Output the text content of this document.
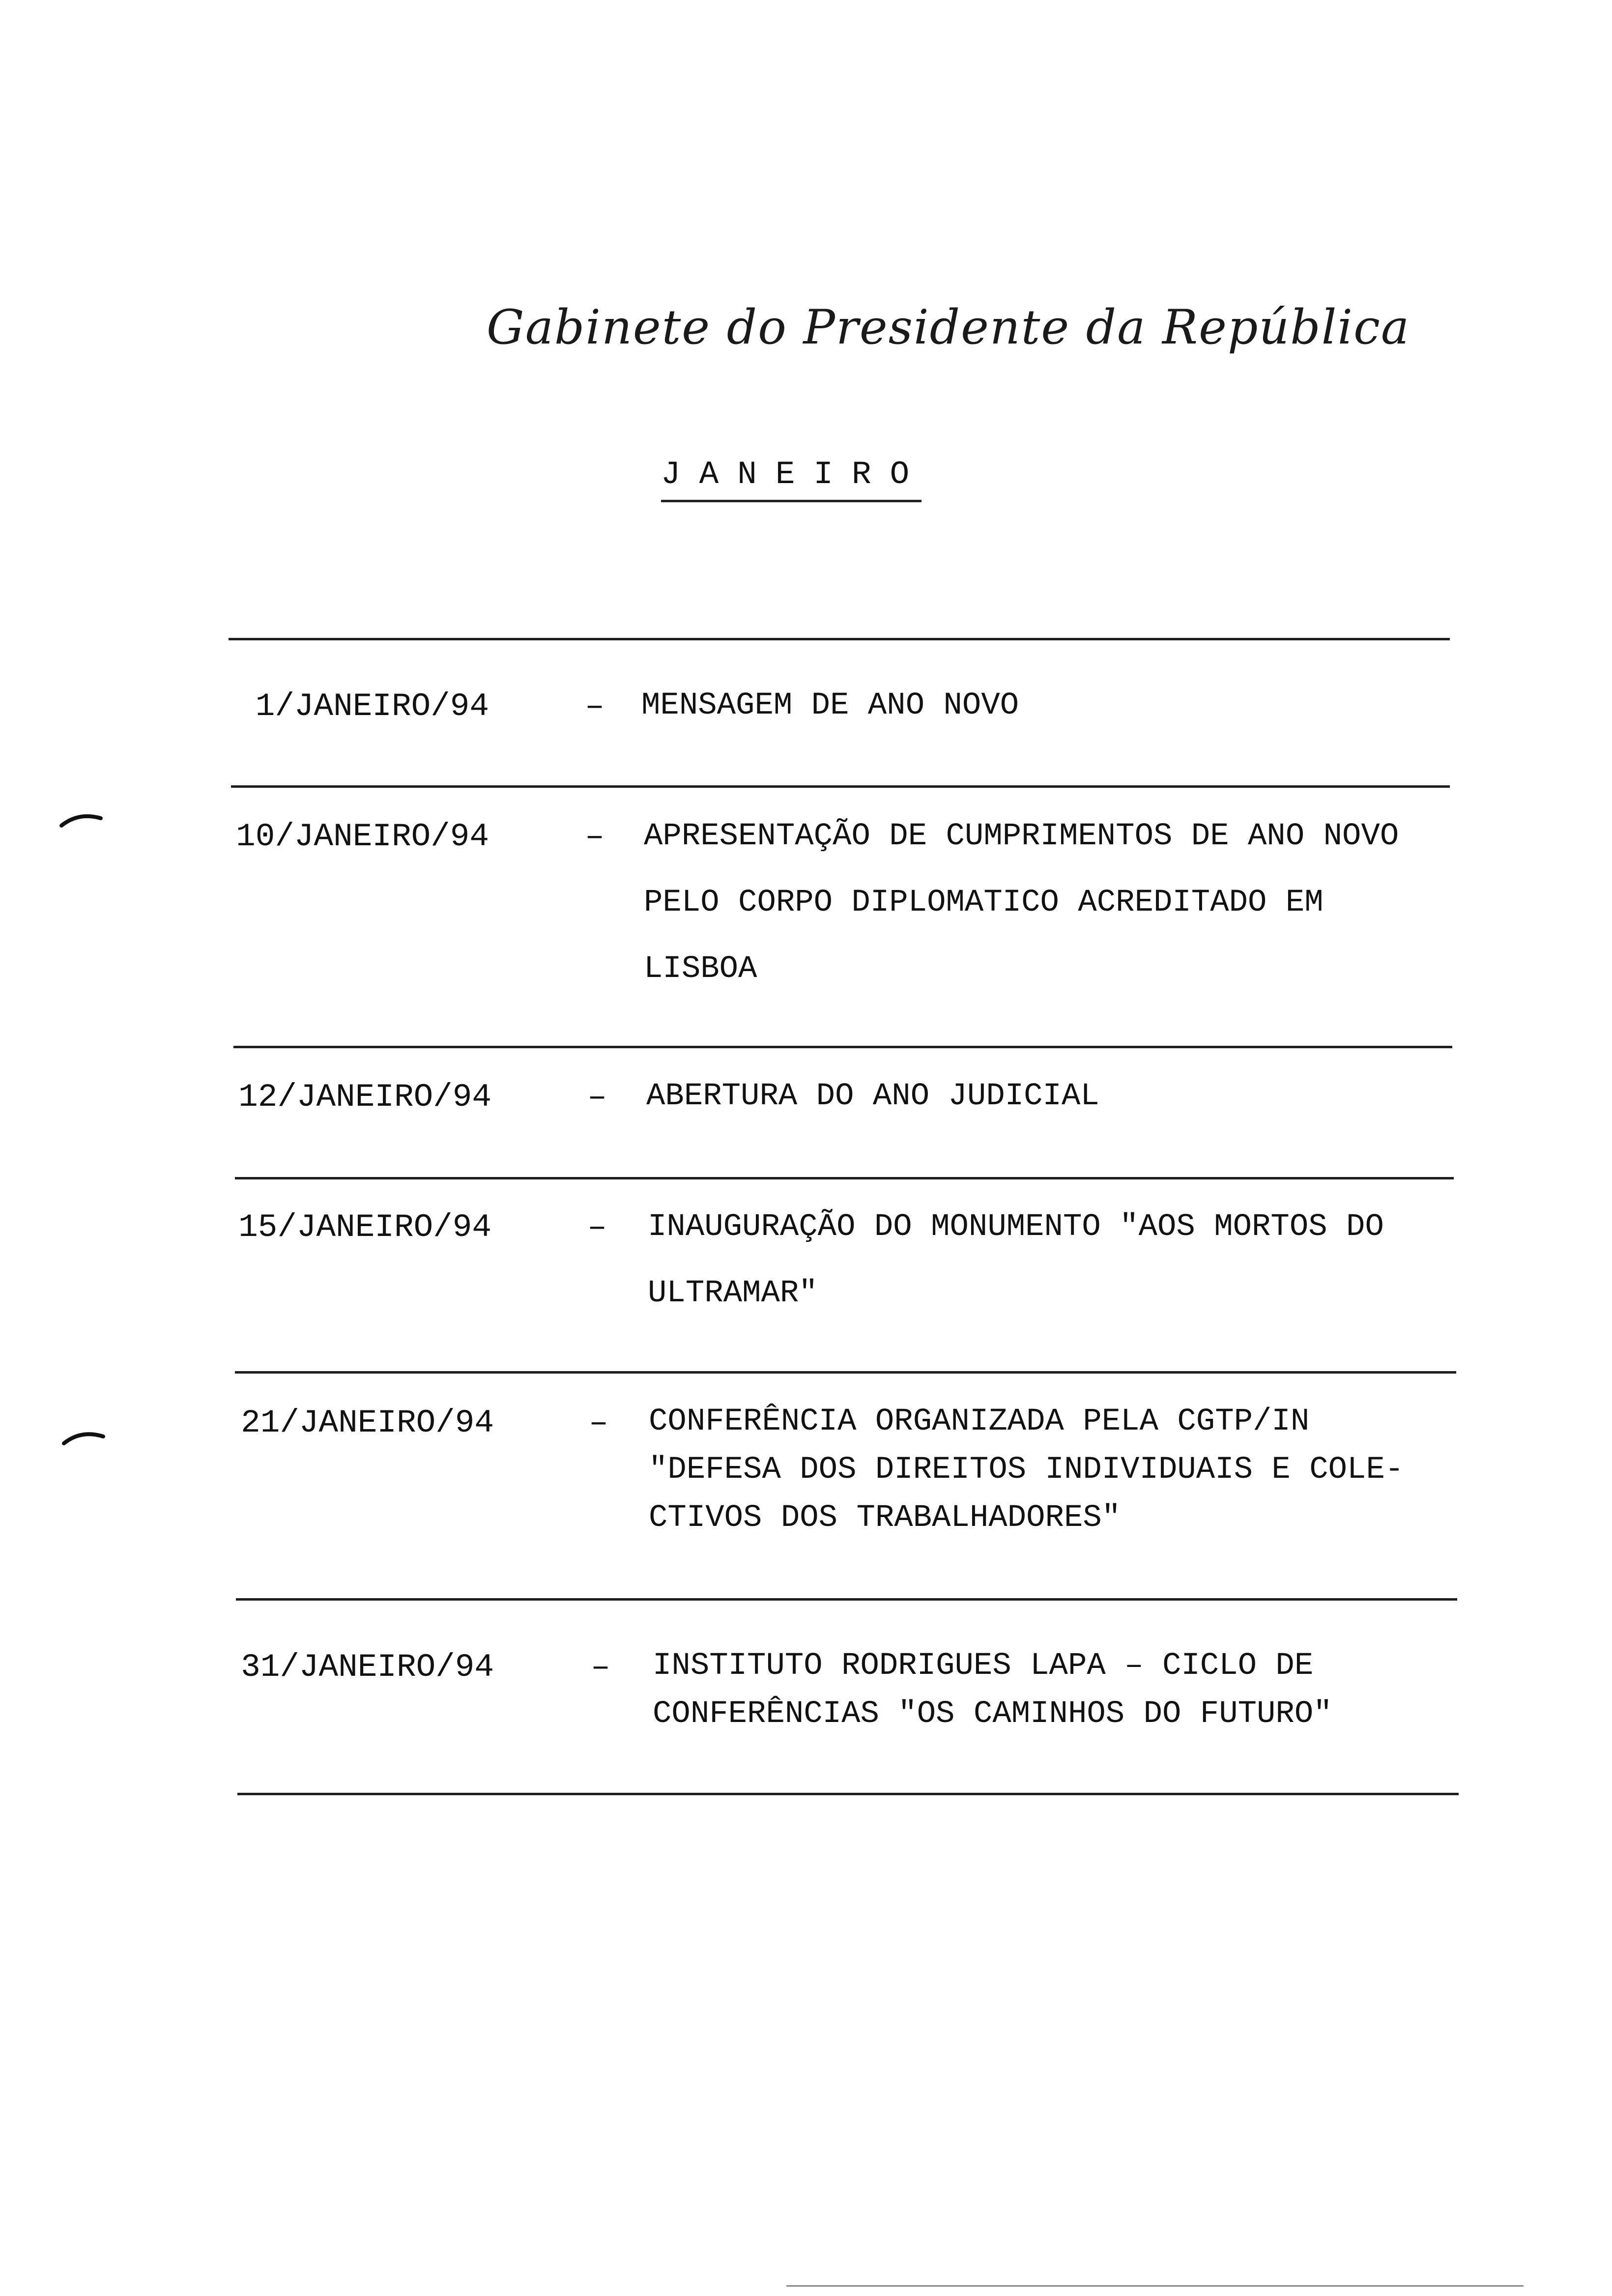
Gabinete do Presidente da República
JANEIRO
1/JANEIRO/94	–	MENSAGEM DE ANO NOVO
10/JANEIRO/94	–	APRESENTAÇÃO DE CUMPRIMENTOS DE ANO NOVO
PELO CORPO DIPLOMATICO ACREDITADO EM
LISBOA
12/JANEIRO/94	–	ABERTURA DO ANO JUDICIAL
15/JANEIRO/94	–	INAUGURAÇÃO DO MONUMENTO "AOS MORTOS DO
ULTRAMAR"
21/JANEIRO/94	–	CONFERÊNCIA ORGANIZADA PELA CGTP/IN
"DEFESA DOS DIREITOS INDIVIDUAIS E COLE-
CTIVOS DOS TRABALHADORES"
31/JANEIRO/94	–	INSTITUTO RODRIGUES LAPA – CICLO DE
CONFERÊNCIAS "OS CAMINHOS DO FUTURO"
